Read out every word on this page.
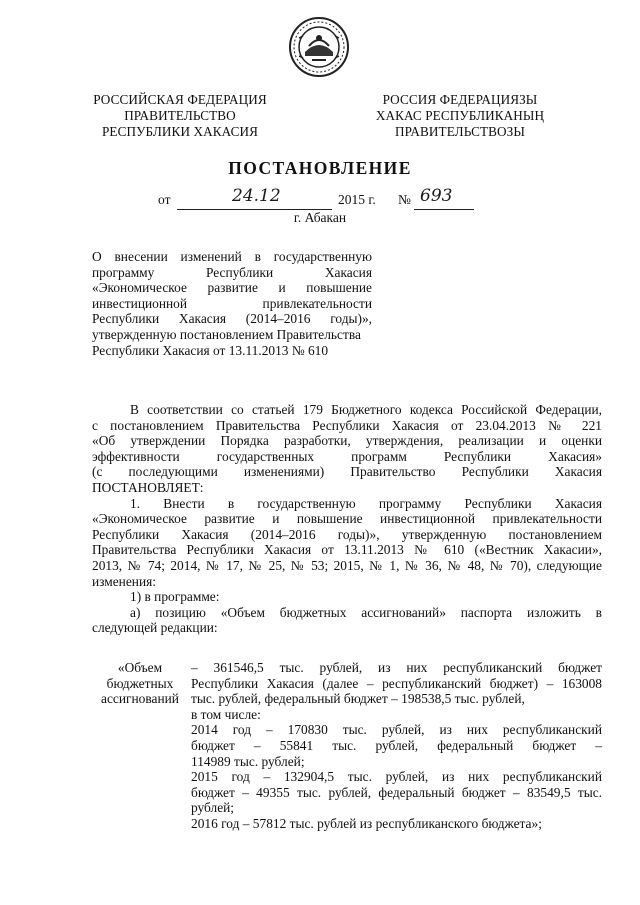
РОССИЙСКАЯ ФЕДЕРАЦИЯ
ПРАВИТЕЛЬСТВО
РЕСПУБЛИКИ ХАКАСИЯ
РОССИЯ ФЕДЕРАЦИЯЗЫ
ХАКАС РЕСПУБЛИКАНЫҢ
ПРАВИТЕЛЬСТВОЗЫ
ПОСТАНОВЛЕНИЕ
от	24.12	2015 г. № 693
г. Абакан
О внесении изменений в государственную
программу Республики Хакасия
«Экономическое развитие и повышение
инвестиционной привлекательности
Республики Хакасия (2014–2016 годы)»,
утвержденную постановлением Правительства
Республики Хакасия от 13.11.2013 № 610
В соответствии со статьей 179 Бюджетного кодекса Российской Федерации,
с постановлением Правительства Республики Хакасия от 23.04.2013 № 221
«Об утверждении Порядка разработки, утверждения, реализации и оценки
эффективности государственных программ Республики Хакасия»
(с последующими изменениями) Правительство Республики Хакасия
ПОСТАНОВЛЯЕТ:
1. Внести в государственную программу Республики Хакасия
«Экономическое развитие и повышение инвестиционной привлекательности
Республики Хакасия (2014–2016 годы)», утвержденную постановлением
Правительства Республики Хакасия от 13.11.2013 № 610 («Вестник Хакасии»,
2013, № 74; 2014, № 17, № 25, № 53; 2015, № 1, № 36, № 48, № 70), следующие
изменения:
1) в программе:
а) позицию «Объем бюджетных ассигнований» паспорта изложить в
следующей редакции:
«Объем
бюджетных
ассигнований
– 361546,5 тыс. рублей, из них республиканский бюджет
Республики Хакасия (далее – республиканский бюджет) – 163008
тыс. рублей, федеральный бюджет – 198538,5 тыс. рублей,
в том числе:
2014 год – 170830 тыс. рублей, из них республиканский
бюджет – 55841 тыс. рублей, федеральный бюджет –
114989 тыс. рублей;
2015 год – 132904,5 тыс. рублей, из них республиканский
бюджет – 49355 тыс. рублей, федеральный бюджет – 83549,5 тыс.
рублей;
2016 год – 57812 тыс. рублей из республиканского бюджета»;
